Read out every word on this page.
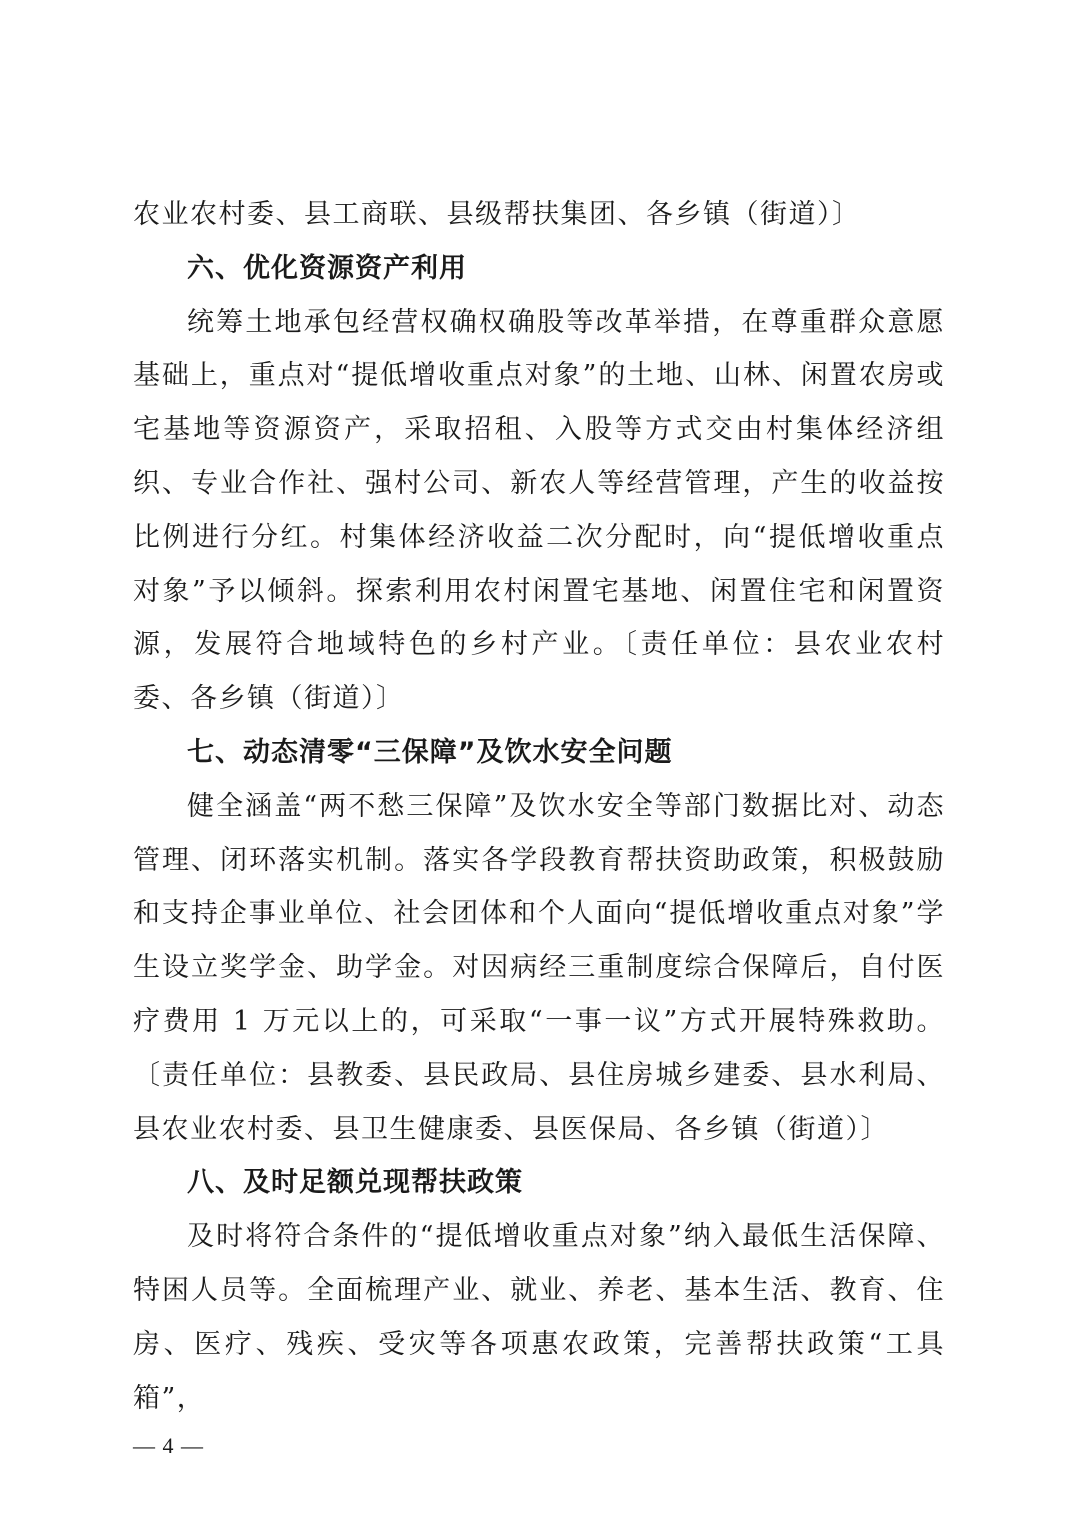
农业农村委、县工商联、县级帮扶集团、各乡镇（街道）〕

六、优化资源资产利用

统筹土地承包经营权确权确股等改革举措，在尊重群众意愿基础上，重点对“提低增收重点对象”的土地、山林、闲置农房或宅基地等资源资产，采取招租、入股等方式交由村集体经济组织、专业合作社、强村公司、新农人等经营管理，产生的收益按比例进行分红。村集体经济收益二次分配时，向“提低增收重点对象”予以倾斜。探索利用农村闲置宅基地、闲置住宅和闲置资源，发展符合地域特色的乡村产业。〔责任单位：县农业农村委、各乡镇（街道）〕

七、动态清零“三保障”及饮水安全问题

健全涵盖“两不愁三保障”及饮水安全等部门数据比对、动态管理、闭环落实机制。落实各学段教育帮扶资助政策，积极鼓励和支持企事业单位、社会团体和个人面向“提低增收重点对象”学生设立奖学金、助学金。对因病经三重制度综合保障后，自付医疗费用 1 万元以上的，可采取“一事一议”方式开展特殊救助。〔责任单位：县教委、县民政局、县住房城乡建委、县水利局、县农业农村委、县卫生健康委、县医保局、各乡镇（街道）〕

八、及时足额兑现帮扶政策

及时将符合条件的“提低增收重点对象”纳入最低生活保障、特困人员等。全面梳理产业、就业、养老、基本生活、教育、住房、医疗、残疾、受灾等各项惠农政策，完善帮扶政策“工具箱”，

— 4 —
